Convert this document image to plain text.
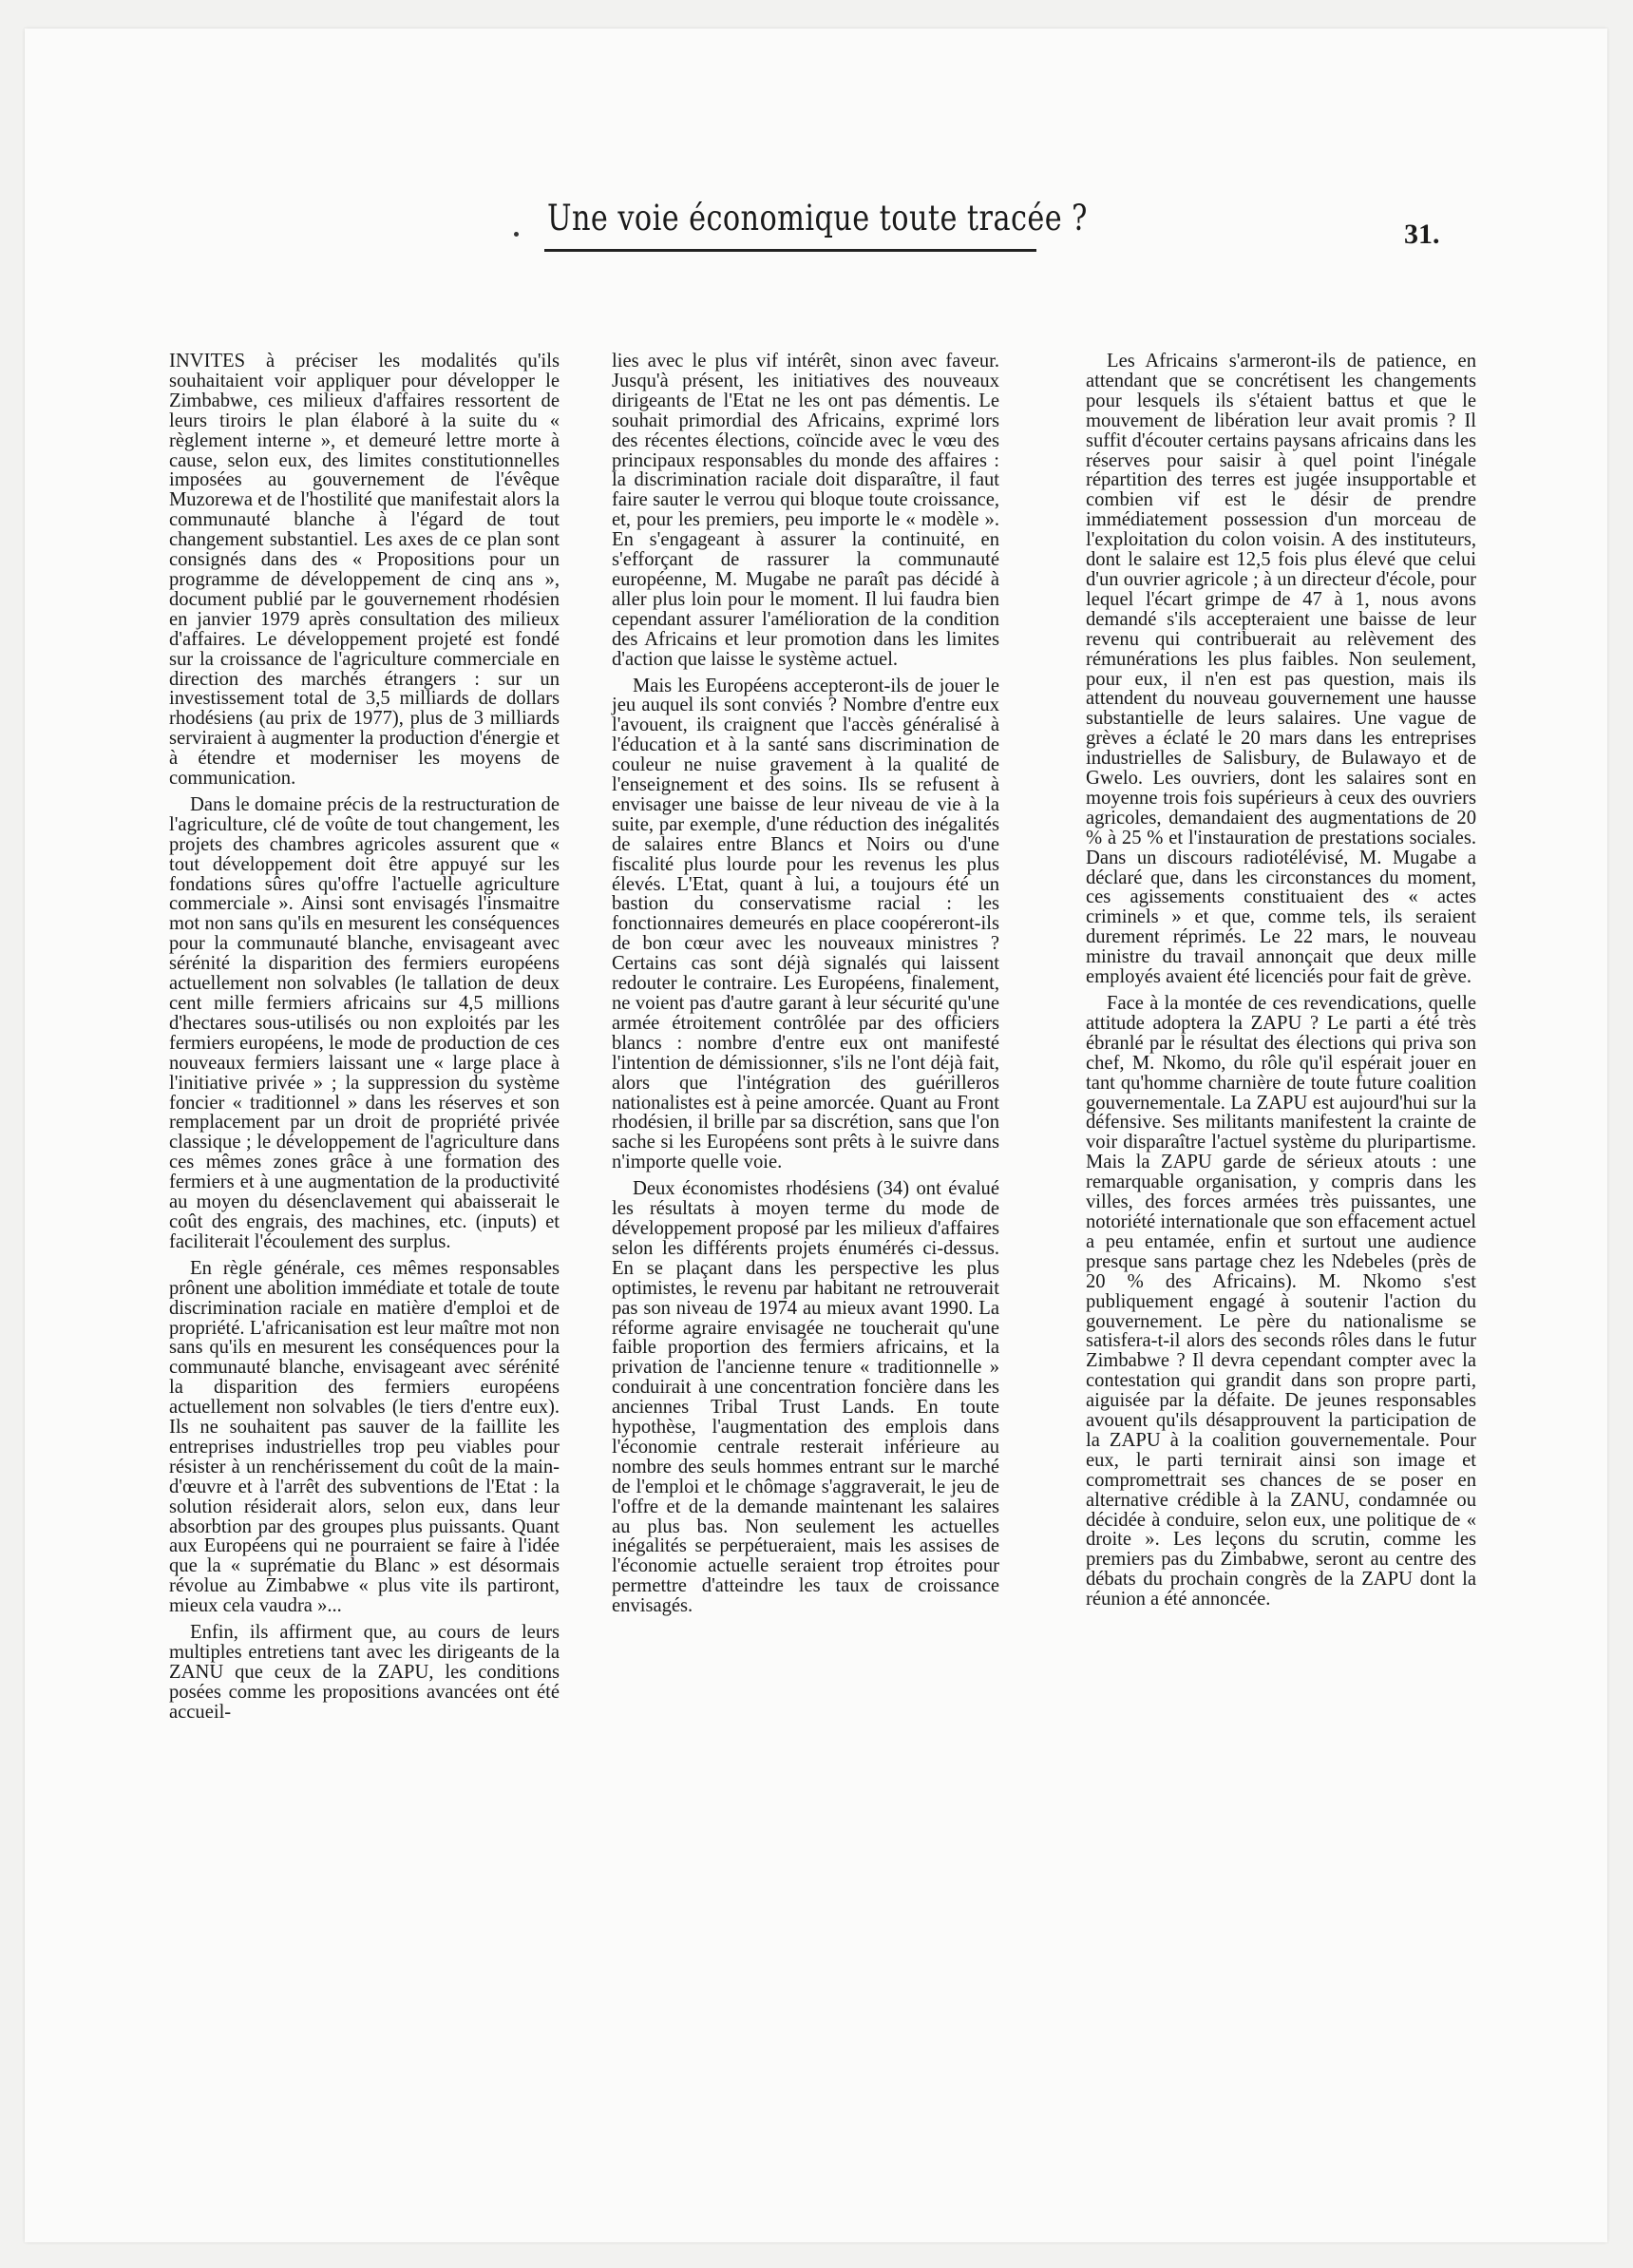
Une voie économique toute tracée ?	31.

INVITES à préciser les modalités qu'ils souhaitaient voir appliquer pour développer le Zimbabwe, ces milieux d'affaires ressortent de leurs tiroirs le plan élaboré à la suite du « règlement interne », et demeuré lettre morte à cause, selon eux, des limites constitutionnelles imposées au gouvernement de l'évêque Muzorewa et de l'hostilité que manifestait alors la communauté blanche à l'égard de tout changement substantiel. Les axes de ce plan sont consignés dans des « Propositions pour un programme de développement de cinq ans », document publié par le gouvernement rhodésien en janvier 1979 après consultation des milieux d'affaires. Le développement projeté est fondé sur la croissance de l'agriculture commerciale en direction des marchés étrangers : sur un investissement total de 3,5 milliards de dollars rhodésiens (au prix de 1977), plus de 3 milliards serviraient à augmenter la production d'énergie et à étendre et moderniser les moyens de communication.

Dans le domaine précis de la restructuration de l'agriculture, clé de voûte de tout changement, les projets des chambres agricoles assurent que « tout développement doit être appuyé sur les fondations sûres qu'offre l'actuelle agriculture commerciale ». Ainsi sont envisagés l'insmaitre mot non sans qu'ils en mesurent les conséquences pour la communauté blanche, envisageant avec sérénité la disparition des fermiers européens actuellement non solvables (le tallation de deux cent mille fermiers africains sur 4,5 millions d'hectares sous-utilisés ou non exploités par les fermiers européens, le mode de production de ces nouveaux fermiers laissant une « large place à l'initiative privée » ; la suppression du système foncier « traditionnel » dans les réserves et son remplacement par un droit de propriété privée classique ; le développement de l'agriculture dans ces mêmes zones grâce à une formation des fermiers et à une augmentation de la productivité au moyen du désenclavement qui abaisserait le coût des engrais, des machines, etc. (inputs) et faciliterait l'écoulement des surplus.

En règle générale, ces mêmes responsables prônent une abolition immédiate et totale de toute discrimination raciale en matière d'emploi et de propriété. L'africanisation est leur maître mot non sans qu'ils en mesurent les conséquences pour la communauté blanche, envisageant avec sérénité la disparition des fermiers européens actuellement non solvables (le tiers d'entre eux). Ils ne souhaitent pas sauver de la faillite les entreprises industrielles trop peu viables pour résister à un renchérissement du coût de la main-d'œuvre et à l'arrêt des subventions de l'Etat : la solution résiderait alors, selon eux, dans leur absorbtion par des groupes plus puissants. Quant aux Européens qui ne pourraient se faire à l'idée que la « suprématie du Blanc » est désormais révolue au Zimbabwe « plus vite ils partiront, mieux cela vaudra »...

Enfin, ils affirment que, au cours de leurs multiples entretiens tant avec les dirigeants de la ZANU que ceux de la ZAPU, les conditions posées comme les propositions avancées ont été accueil-

lies avec le plus vif intérêt, sinon avec faveur. Jusqu'à présent, les initiatives des nouveaux dirigeants de l'Etat ne les ont pas démentis. Le souhait primordial des Africains, exprimé lors des récentes élections, coïncide avec le vœu des principaux responsables du monde des affaires : la discrimination raciale doit disparaître, il faut faire sauter le verrou qui bloque toute croissance, et, pour les premiers, peu importe le « modèle ». En s'engageant à assurer la continuité, en s'efforçant de rassurer la communauté européenne, M. Mugabe ne paraît pas décidé à aller plus loin pour le moment. Il lui faudra bien cependant assurer l'amélioration de la condition des Africains et leur promotion dans les limites d'action que laisse le système actuel.

Mais les Européens accepteront-ils de jouer le jeu auquel ils sont conviés ? Nombre d'entre eux l'avouent, ils craignent que l'accès généralisé à l'éducation et à la santé sans discrimination de couleur ne nuise gravement à la qualité de l'enseignement et des soins. Ils se refusent à envisager une baisse de leur niveau de vie à la suite, par exemple, d'une réduction des inégalités de salaires entre Blancs et Noirs ou d'une fiscalité plus lourde pour les revenus les plus élevés. L'Etat, quant à lui, a toujours été un bastion du conservatisme racial : les fonctionnaires demeurés en place coopéreront-ils de bon cœur avec les nouveaux ministres ? Certains cas sont déjà signalés qui laissent redouter le contraire. Les Européens, finalement, ne voient pas d'autre garant à leur sécurité qu'une armée étroitement contrôlée par des officiers blancs : nombre d'entre eux ont manifesté l'intention de démissionner, s'ils ne l'ont déjà fait, alors que l'intégration des guérilleros nationalistes est à peine amorcée. Quant au Front rhodésien, il brille par sa discrétion, sans que l'on sache si les Européens sont prêts à le suivre dans n'importe quelle voie.

Deux économistes rhodésiens (34) ont évalué les résultats à moyen terme du mode de développement proposé par les milieux d'affaires selon les différents projets énumérés ci-dessus. En se plaçant dans les perspective les plus optimistes, le revenu par habitant ne retrouverait pas son niveau de 1974 au mieux avant 1990. La réforme agraire envisagée ne toucherait qu'une faible proportion des fermiers africains, et la privation de l'ancienne tenure « traditionnelle » conduirait à une concentration foncière dans les anciennes Tribal Trust Lands. En toute hypothèse, l'augmentation des emplois dans l'économie centrale resterait inférieure au nombre des seuls hommes entrant sur le marché de l'emploi et le chômage s'aggraverait, le jeu de l'offre et de la demande maintenant les salaires au plus bas. Non seulement les actuelles inégalités se perpétueraient, mais les assises de l'économie actuelle seraient trop étroites pour permettre d'atteindre les taux de croissance envisagés.

Les Africains s'armeront-ils de patience, en attendant que se concrétisent les changements pour lesquels ils s'étaient battus et que le mouvement de libération leur avait promis ? Il suffit d'écouter certains paysans africains dans les réserves pour saisir à quel point l'inégale répartition des terres est jugée insupportable et combien vif est le désir de prendre immédiatement possession d'un morceau de l'exploitation du colon voisin. A des instituteurs, dont le salaire est 12,5 fois plus élevé que celui d'un ouvrier agricole ; à un directeur d'école, pour lequel l'écart grimpe de 47 à 1, nous avons demandé s'ils accepteraient une baisse de leur revenu qui contribuerait au relèvement des rémunérations les plus faibles. Non seulement, pour eux, il n'en est pas question, mais ils attendent du nouveau gouvernement une hausse substantielle de leurs salaires. Une vague de grèves a éclaté le 20 mars dans les entreprises industrielles de Salisbury, de Bulawayo et de Gwelo. Les ouvriers, dont les salaires sont en moyenne trois fois supérieurs à ceux des ouvriers agricoles, demandaient des augmentations de 20 % à 25 % et l'instauration de prestations sociales. Dans un discours radiotélévisé, M. Mugabe a déclaré que, dans les circonstances du moment, ces agissements constituaient des « actes criminels » et que, comme tels, ils seraient durement réprimés. Le 22 mars, le nouveau ministre du travail annonçait que deux mille employés avaient été licenciés pour fait de grève.

Face à la montée de ces revendications, quelle attitude adoptera la ZAPU ? Le parti a été très ébranlé par le résultat des élections qui priva son chef, M. Nkomo, du rôle qu'il espérait jouer en tant qu'homme charnière de toute future coalition gouvernementale. La ZAPU est aujourd'hui sur la défensive. Ses militants manifestent la crainte de voir disparaître l'actuel système du pluripartisme. Mais la ZAPU garde de sérieux atouts : une remarquable organisation, y compris dans les villes, des forces armées très puissantes, une notoriété internationale que son effacement actuel a peu entamée, enfin et surtout une audience presque sans partage chez les Ndebeles (près de 20 % des Africains). M. Nkomo s'est publiquement engagé à soutenir l'action du gouvernement. Le père du nationalisme se satisfera-t-il alors des seconds rôles dans le futur Zimbabwe ? Il devra cependant compter avec la contestation qui grandit dans son propre parti, aiguisée par la défaite. De jeunes responsables avouent qu'ils désapprouvent la participation de la ZAPU à la coalition gouvernementale. Pour eux, le parti ternirait ainsi son image et compromettrait ses chances de se poser en alternative crédible à la ZANU, condamnée ou décidée à conduire, selon eux, une politique de « droite ». Les leçons du scrutin, comme les premiers pas du Zimbabwe, seront au centre des débats du prochain congrès de la ZAPU dont la réunion a été annoncée.
